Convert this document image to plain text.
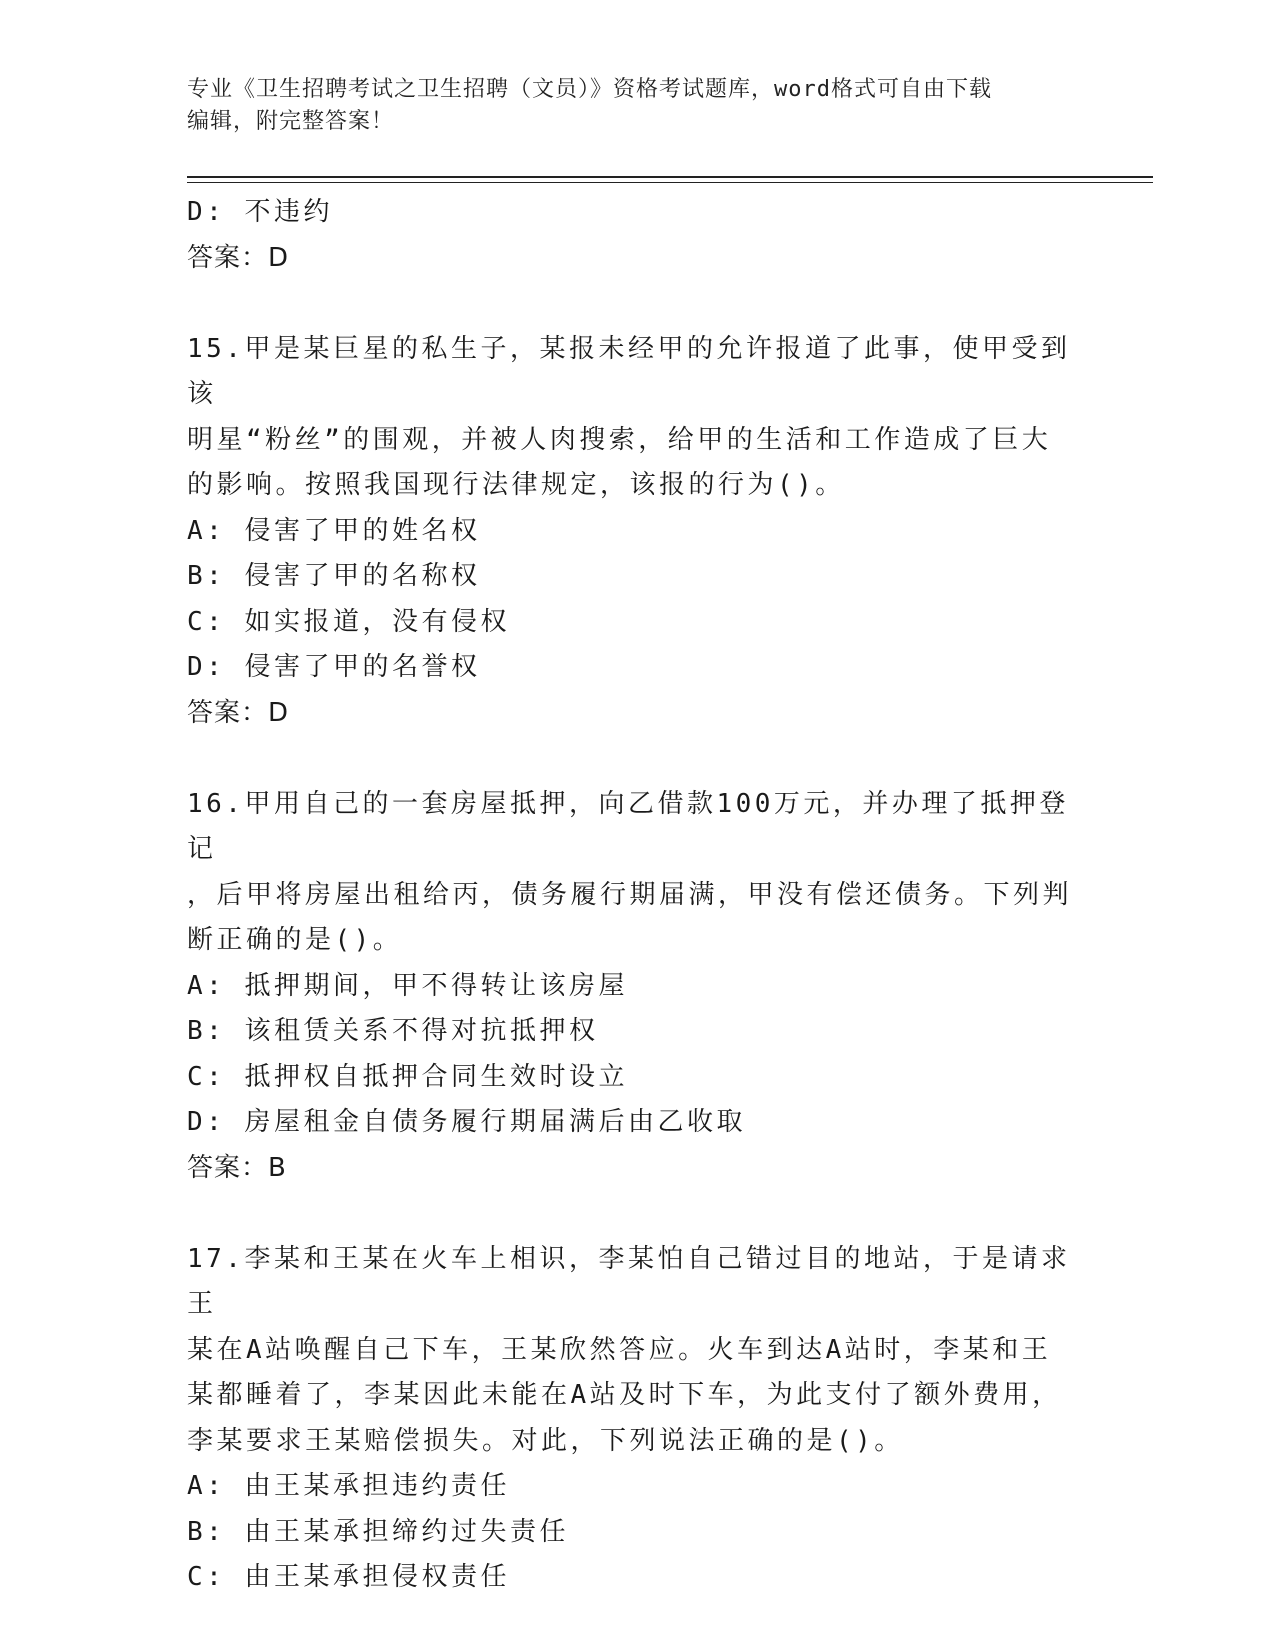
专业《卫生招聘考试之卫生招聘（文员）》资格考试题库，word格式可自由下载
编辑，附完整答案！

D: 不违约

答案：D

15.甲是某巨星的私生子，某报未经甲的允许报道了此事，使甲受到该

明星“粉丝”的围观，并被人肉搜索，给甲的生活和工作造成了巨大

的影响。按照我国现行法律规定，该报的行为()。

A: 侵害了甲的姓名权

B: 侵害了甲的名称权

C: 如实报道，没有侵权

D: 侵害了甲的名誉权

答案：D

16.甲用自己的一套房屋抵押，向乙借款100万元，并办理了抵押登记

，后甲将房屋出租给丙，债务履行期届满，甲没有偿还债务。下列判

断正确的是()。

A: 抵押期间，甲不得转让该房屋

B: 该租赁关系不得对抗抵押权

C: 抵押权自抵押合同生效时设立

D: 房屋租金自债务履行期届满后由乙收取

答案：B

17.李某和王某在火车上相识，李某怕自己错过目的地站，于是请求王

某在A站唤醒自己下车，王某欣然答应。火车到达A站时，李某和王

某都睡着了，李某因此未能在A站及时下车，为此支付了额外费用，

李某要求王某赔偿损失。对此，下列说法正确的是()。

A: 由王某承担违约责任

B: 由王某承担缔约过失责任

C: 由王某承担侵权责任
